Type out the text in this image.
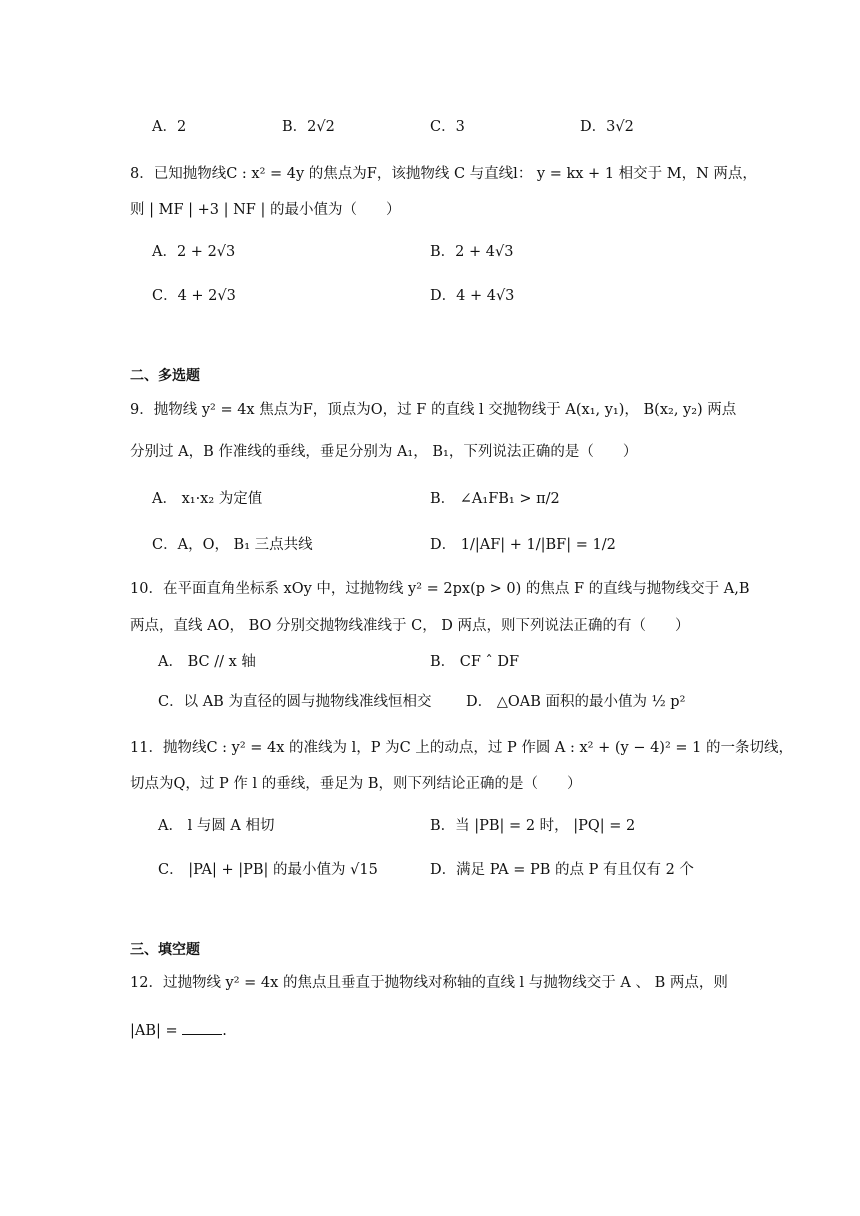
A．2	B．2√2	C．3	D．3√2
8．已知抛物线C : x² = 4y 的焦点为F，该抛物线 C 与直线l： y = kx + 1 相交于 M，N 两点，
则 | MF | +3 | NF | 的最小值为（　　）
A．2 + 2√3	B．2 + 4√3
C．4 + 2√3	D．4 + 4√3
二、多选题
9．抛物线 y² = 4x 焦点为F，顶点为O，过 F 的直线 l 交抛物线于 A(x₁, y₁)， B(x₂, y₂) 两点
分别过 A，B 作准线的垂线，垂足分别为 A₁， B₁，下列说法正确的是（　　）
A． x₁·x₂ 为定值	B． ∠A₁FB₁ > π/2
C．A，O， B₁ 三点共线	D． 1/|AF| + 1/|BF| = 1/2
10．在平面直角坐标系 xOy 中，过抛物线 y² = 2px(p > 0) 的焦点 F 的直线与抛物线交于 A,B
两点，直线 AO， BO 分别交抛物线准线于 C， D 两点，则下列说法正确的有（　　）
A． BC // x 轴	B． CF ˆ DF
C．以 AB 为直径的圆与抛物线准线恒相交 D． △OAB 面积的最小值为 ½ p²
11．抛物线C : y² = 4x 的准线为 l，P 为C 上的动点，过 P 作圆 A : x² + (y − 4)² = 1 的一条切线，
切点为Q，过 P 作 l 的垂线，垂足为 B，则下列结论正确的是（　　）
A． l 与圆 A 相切	B．当 |PB| = 2 时， |PQ| = 2
C． |PA| + |PB| 的最小值为 √15	D．满足 PA = PB 的点 P 有且仅有 2 个
三、填空题
12．过抛物线 y² = 4x 的焦点且垂直于抛物线对称轴的直线 l 与抛物线交于 A 、 B 两点，则
|AB| =	.
